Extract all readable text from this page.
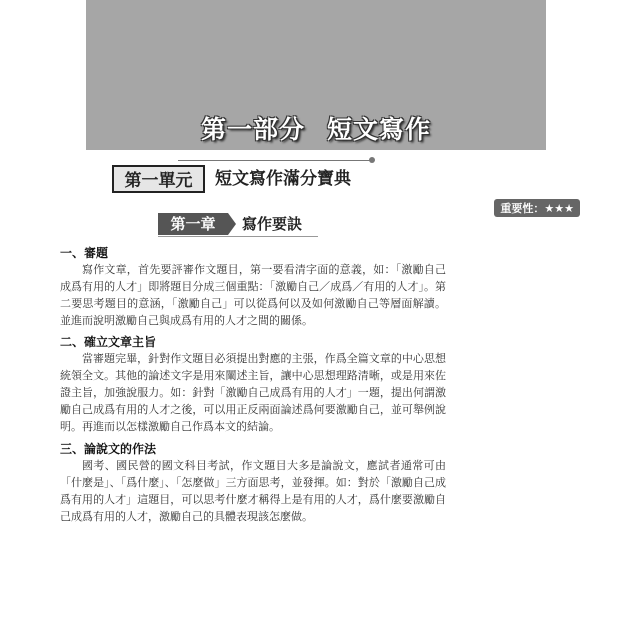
第一部分 短文寫作
第一單元	短文寫作滿分寶典
重要性：★★★
第一章	寫作要訣
一、審題

寫作文章，首先要評審作文題目，第一要看清字面的意義，如：「激勵自己成爲有用的人才」即將題目分成三個重點：「激勵自己／成爲／有用的人才」。第二要思考題目的意涵，「激勵自己」可以從爲何以及如何激勵自己等層面解讀。並進而說明激勵自己與成爲有用的人才之間的關係。

二、確立文章主旨

當審題完畢，針對作文題目必須提出對應的主張，作爲全篇文章的中心思想統領全文。其他的論述文字是用來闡述主旨，讓中心思想理路清晰，或是用來佐證主旨，加強說服力。如：針對「激勵自己成爲有用的人才」一題，提出何謂激勵自己成爲有用的人才之後，可以用正反兩面論述爲何要激勵自己，並可舉例說明。再進而以怎樣激勵自己作爲本文的結論。

三、論說文的作法

國考、國民營的國文科目考試，作文題目大多是論說文，應試者通常可由「什麼是」、「爲什麼」、「怎麼做」三方面思考，並發揮。如：對於「激勵自己成爲有用的人才」這題目，可以思考什麼才稱得上是有用的人才，爲什麼要激勵自己成爲有用的人才，激勵自己的具體表現該怎麼做。
